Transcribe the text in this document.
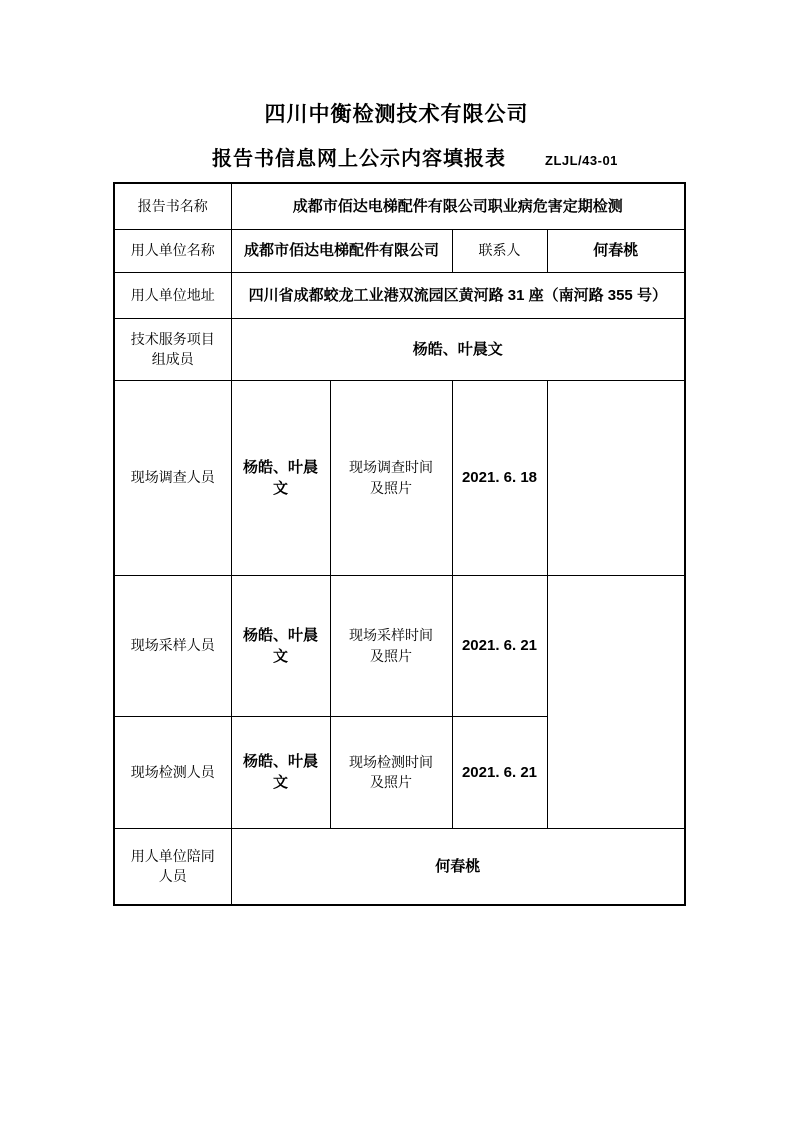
四川中衡检测技术有限公司
报告书信息网上公示内容填报表	ZLJL/43-01
报告书名称	成都市佰达电梯配件有限公司职业病危害定期检测			
用人单位名称	成都市佰达电梯配件有限公司		联系人	何春桃
用人单位地址	四川省成都蛟龙工业港双流园区黄河路 31 座（南河路 355 号）			
技术服务项目组成员	杨皓、叶晨文			
现场调查人员	杨皓、叶晨文	现场调查时间及照片	2021. 6. 18	
现场采样人员	杨皓、叶晨文	现场采样时间及照片	2021. 6. 21	
现场检测人员	杨皓、叶晨文	现场检测时间及照片	2021. 6. 21	
用人单位陪同人员	何春桃			
